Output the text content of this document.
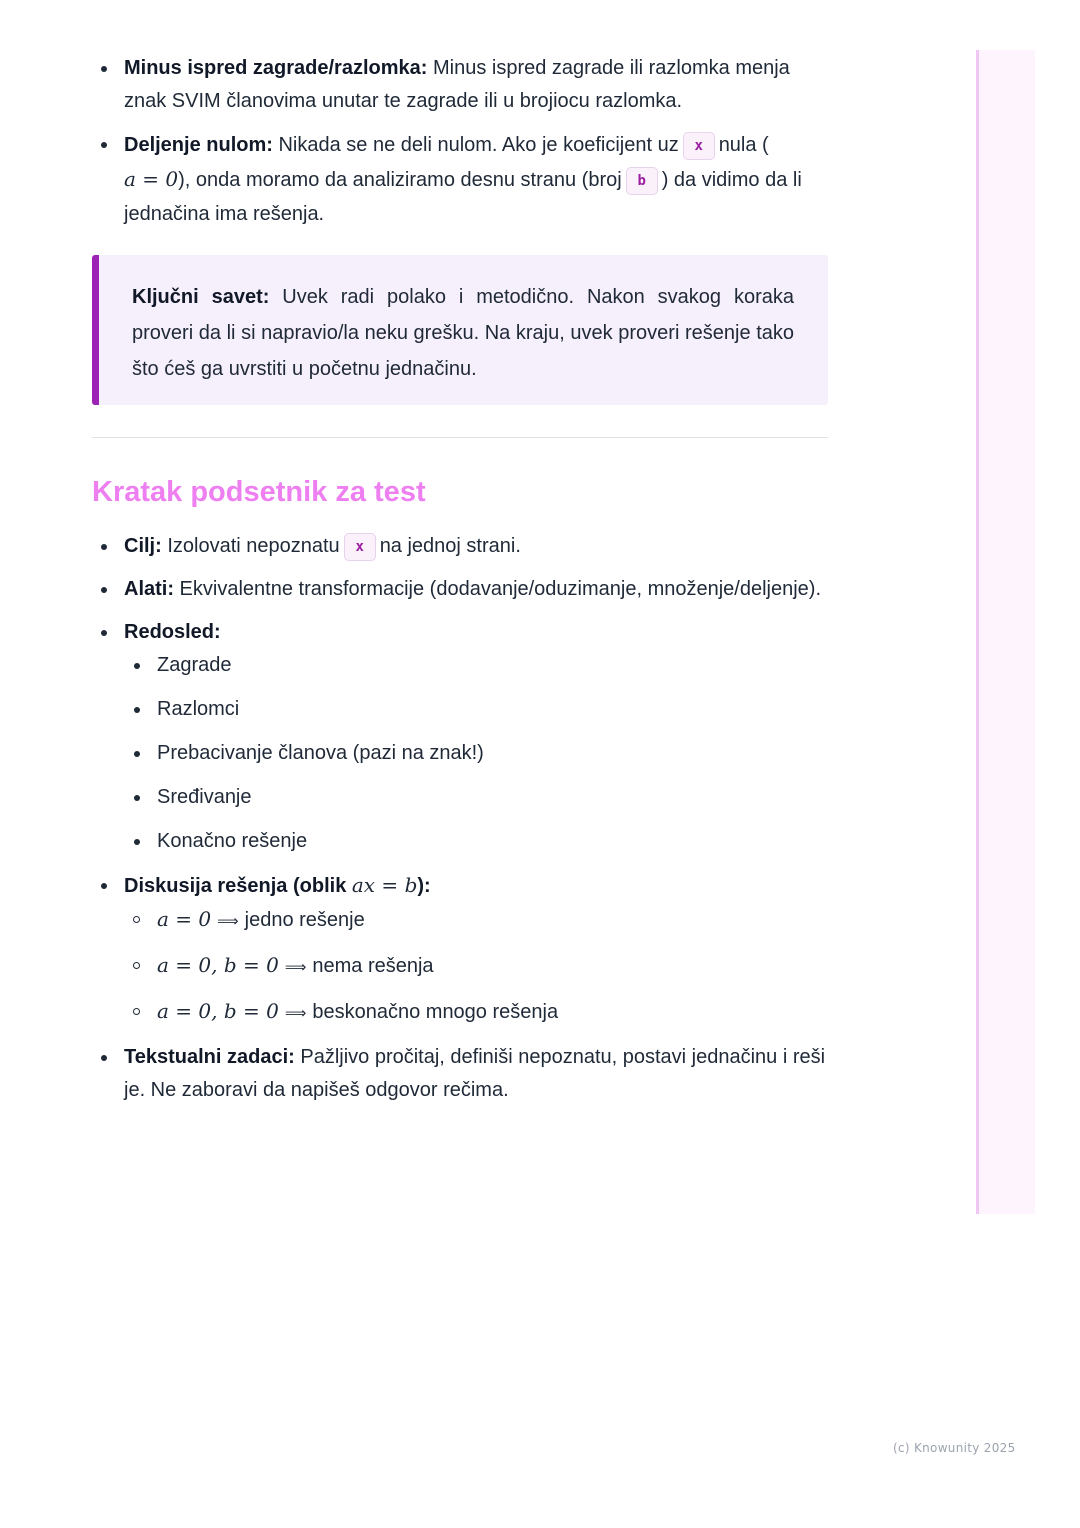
Minus ispred zagrade/razlomka: Minus ispred zagrade ili razlomka menja znak SVIM članovima unutar te zagrade ili u brojiocu razlomka.
Deljenje nulom: Nikada se ne deli nulom. Ako je koeficijent uz x nula (
a = 0), onda moramo da analiziramo desnu stranu (broj b ) da vidimo da li jednačina ima rešenja.
Ključni savet: Uvek radi polako i metodično. Nakon svakog koraka proveri da li si napravio/la neku grešku. Na kraju, uvek proveri rešenje tako što ćeš ga uvrstiti u početnu jednačinu.
Kratak podsetnik za test
Cilj: Izolovati nepoznatu x na jednoj strani.
Alati: Ekvivalentne transformacije (dodavanje/oduzimanje, množenje/deljenje).
Redosled:
Zagrade
Razlomci
Prebacivanje članova (pazi na znak!)
Sređivanje
Konačno rešenje
Diskusija rešenja (oblik ax = b):
a = 0 ⟹ jedno rešenje
a = 0, b = 0 ⟹ nema rešenja
a = 0, b = 0 ⟹ beskonačno mnogo rešenja
Tekstualni zadaci: Pažljivo pročitaj, definiši nepoznatu, postavi jednačinu i reši je. Ne zaboravi da napišeš odgovor rečima.
(c) Knowunity 2025
